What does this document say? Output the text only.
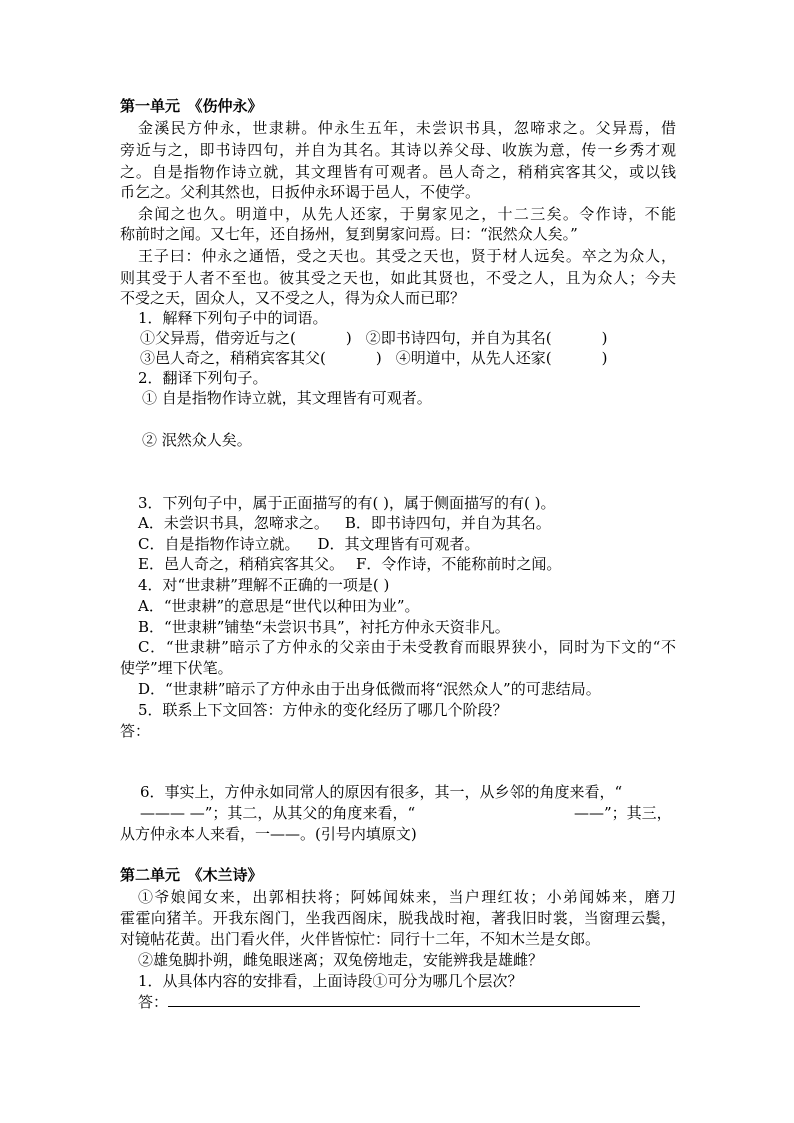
第一单元　《伤仲永》
金溪民方仲永，世隶耕。仲永生五年，未尝识书具，忽啼求之。父异焉，借
旁近与之，即书诗四句，并自为其名。其诗以养父母、收族为意，传一乡秀才观
之。自是指物作诗立就，其文理皆有可观者。邑人奇之，稍稍宾客其父，或以钱
币乞之。父利其然也，日扳仲永环谒于邑人，不使学。
余闻之也久。明道中，从先人还家，于舅家见之，十二三矣。令作诗，不能
称前时之闻。又七年，还自扬州，复到舅家问焉。曰：“泯然众人矣。”
王子曰：仲永之通悟，受之天也。其受之天也，贤于材人远矣。卒之为众人，
则其受于人者不至也。彼其受之天也，如此其贤也，不受之人，且为众人；今夫
不受之天，固众人，又不受之人，得为众人而已耶？
1．解释下列句子中的词语。
①父异焉，借旁近与之(	) ②即书诗四句，并自为其名(	)
③邑人奇之，稍稍宾客其父(	) ④明道中，从先人还家(	)
2．翻译下列句子。
① 自是指物作诗立就，其文理皆有可观者。
② 泯然众人矣。
3．下列句子中，属于正面描写的有( )，属于侧面描写的有( )。
A．未尝识书具，忽啼求之。 B．即书诗四句，并自为其名。
C．自是指物作诗立就。 D．其文理皆有可观者。
E．邑人奇之，稍稍宾客其父。 F．令作诗，不能称前时之闻。
4．对“世隶耕”理解不正确的一项是( )
A．“世隶耕”的意思是“世代以种田为业”。
B．“世隶耕”铺垫“未尝识书具”，衬托方仲永天资非凡。
C．“世隶耕”暗示了方仲永的父亲由于未受教育而眼界狭小，同时为下文的“不
使学”埋下伏笔。
D．“世隶耕”暗示了方仲永由于出身低微而将“泯然众人”的可悲结局。
5．联系上下文回答：方仲永的变化经历了哪几个阶段？
答：
6．事实上，方仲永如同常人的原因有很多，其一，从乡邻的角度来看，“
——— —”；其二，从其父的角度来看，“	——”；其三，
从方仲永本人来看，一——。(引号内填原文)
第二单元　《木兰诗》
①爷娘闻女来，出郭相扶将；阿姊闻妹来，当户理红妆；小弟闻姊来，磨刀
霍霍向猪羊。开我东阁门，坐我西阁床，脱我战时袍，著我旧时裳，当窗理云鬓，
对镜帖花黄。出门看火伴，火伴皆惊忙：同行十二年，不知木兰是女郎。
②雄兔脚扑朔，雌兔眼迷离；双兔傍地走，安能辨我是雄雌？
1．从具体内容的安排看，上面诗段①可分为哪几个层次？
答：
